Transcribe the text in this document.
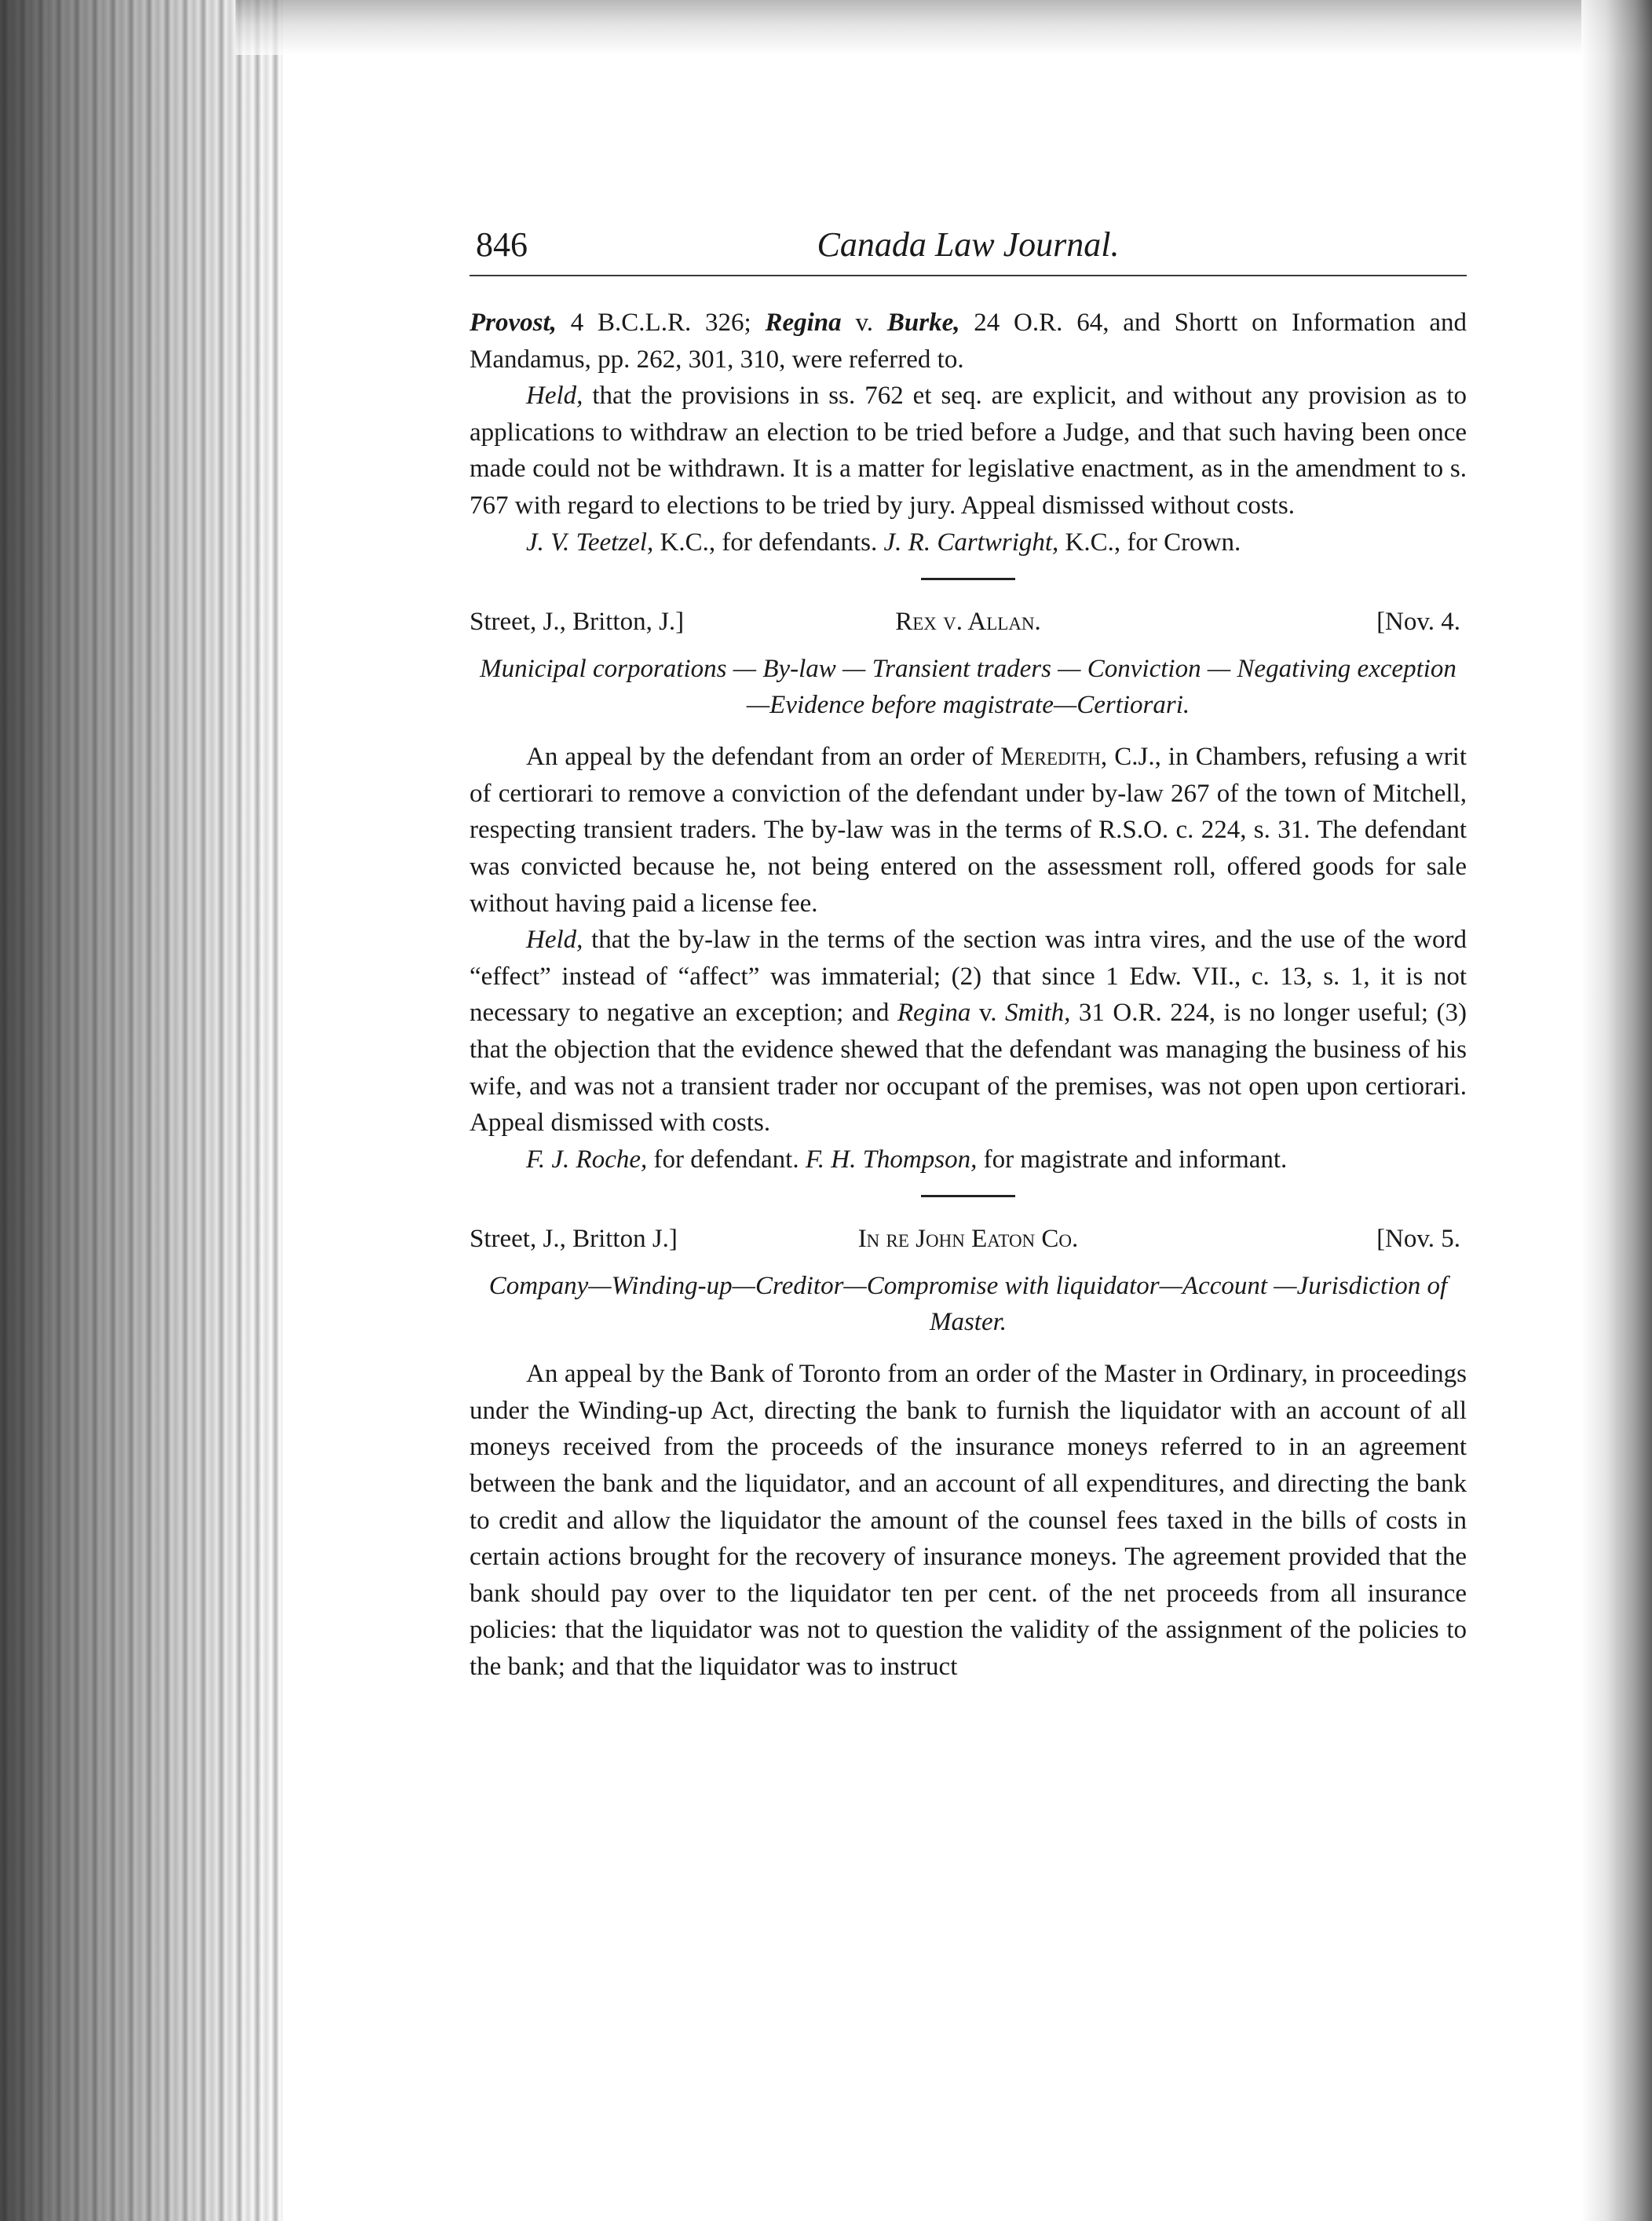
846	Canada Law Journal.

Provost, 4 B.C.L.R. 326; Regina v. Burke, 24 O.R. 64, and Shortt on Information and Mandamus, pp. 262, 301, 310, were referred to.

Held, that the provisions in ss. 762 et seq. are explicit, and without any provision as to applications to withdraw an election to be tried before a Judge, and that such having been once made could not be withdrawn. It is a matter for legislative enactment, as in the amendment to s. 767 with regard to elections to be tried by jury. Appeal dismissed without costs.

J. V. Teetzel, K.C., for defendants. J. R. Cartwright, K.C., for Crown.

Street, J., Britton, J.]	Rex v. Allan.	[Nov. 4.

Municipal corporations — By-law — Transient traders — Conviction — Negativing exception—Evidence before magistrate—Certiorari.

An appeal by the defendant from an order of Meredith, C.J., in Chambers, refusing a writ of certiorari to remove a conviction of the defendant under by-law 267 of the town of Mitchell, respecting transient traders. The by-law was in the terms of R.S.O. c. 224, s. 31. The defendant was convicted because he, not being entered on the assessment roll, offered goods for sale without having paid a license fee.

Held, that the by-law in the terms of the section was intra vires, and the use of the word “effect” instead of “affect” was immaterial; (2) that since 1 Edw. VII., c. 13, s. 1, it is not necessary to negative an exception; and Regina v. Smith, 31 O.R. 224, is no longer useful; (3) that the objection that the evidence shewed that the defendant was managing the business of his wife, and was not a transient trader nor occupant of the premises, was not open upon certiorari. Appeal dismissed with costs.

F. J. Roche, for defendant. F. H. Thompson, for magistrate and informant.

Street, J., Britton J.]	In re John Eaton Co.	[Nov. 5.

Company—Winding-up—Creditor—Compromise with liquidator—Account —Jurisdiction of Master.

An appeal by the Bank of Toronto from an order of the Master in Ordinary, in proceedings under the Winding-up Act, directing the bank to furnish the liquidator with an account of all moneys received from the proceeds of the insurance moneys referred to in an agreement between the bank and the liquidator, and an account of all expenditures, and directing the bank to credit and allow the liquidator the amount of the counsel fees taxed in the bills of costs in certain actions brought for the recovery of insurance moneys. The agreement provided that the bank should pay over to the liquidator ten per cent. of the net proceeds from all insurance policies: that the liquidator was not to question the validity of the assignment of the policies to the bank; and that the liquidator was to instruct
